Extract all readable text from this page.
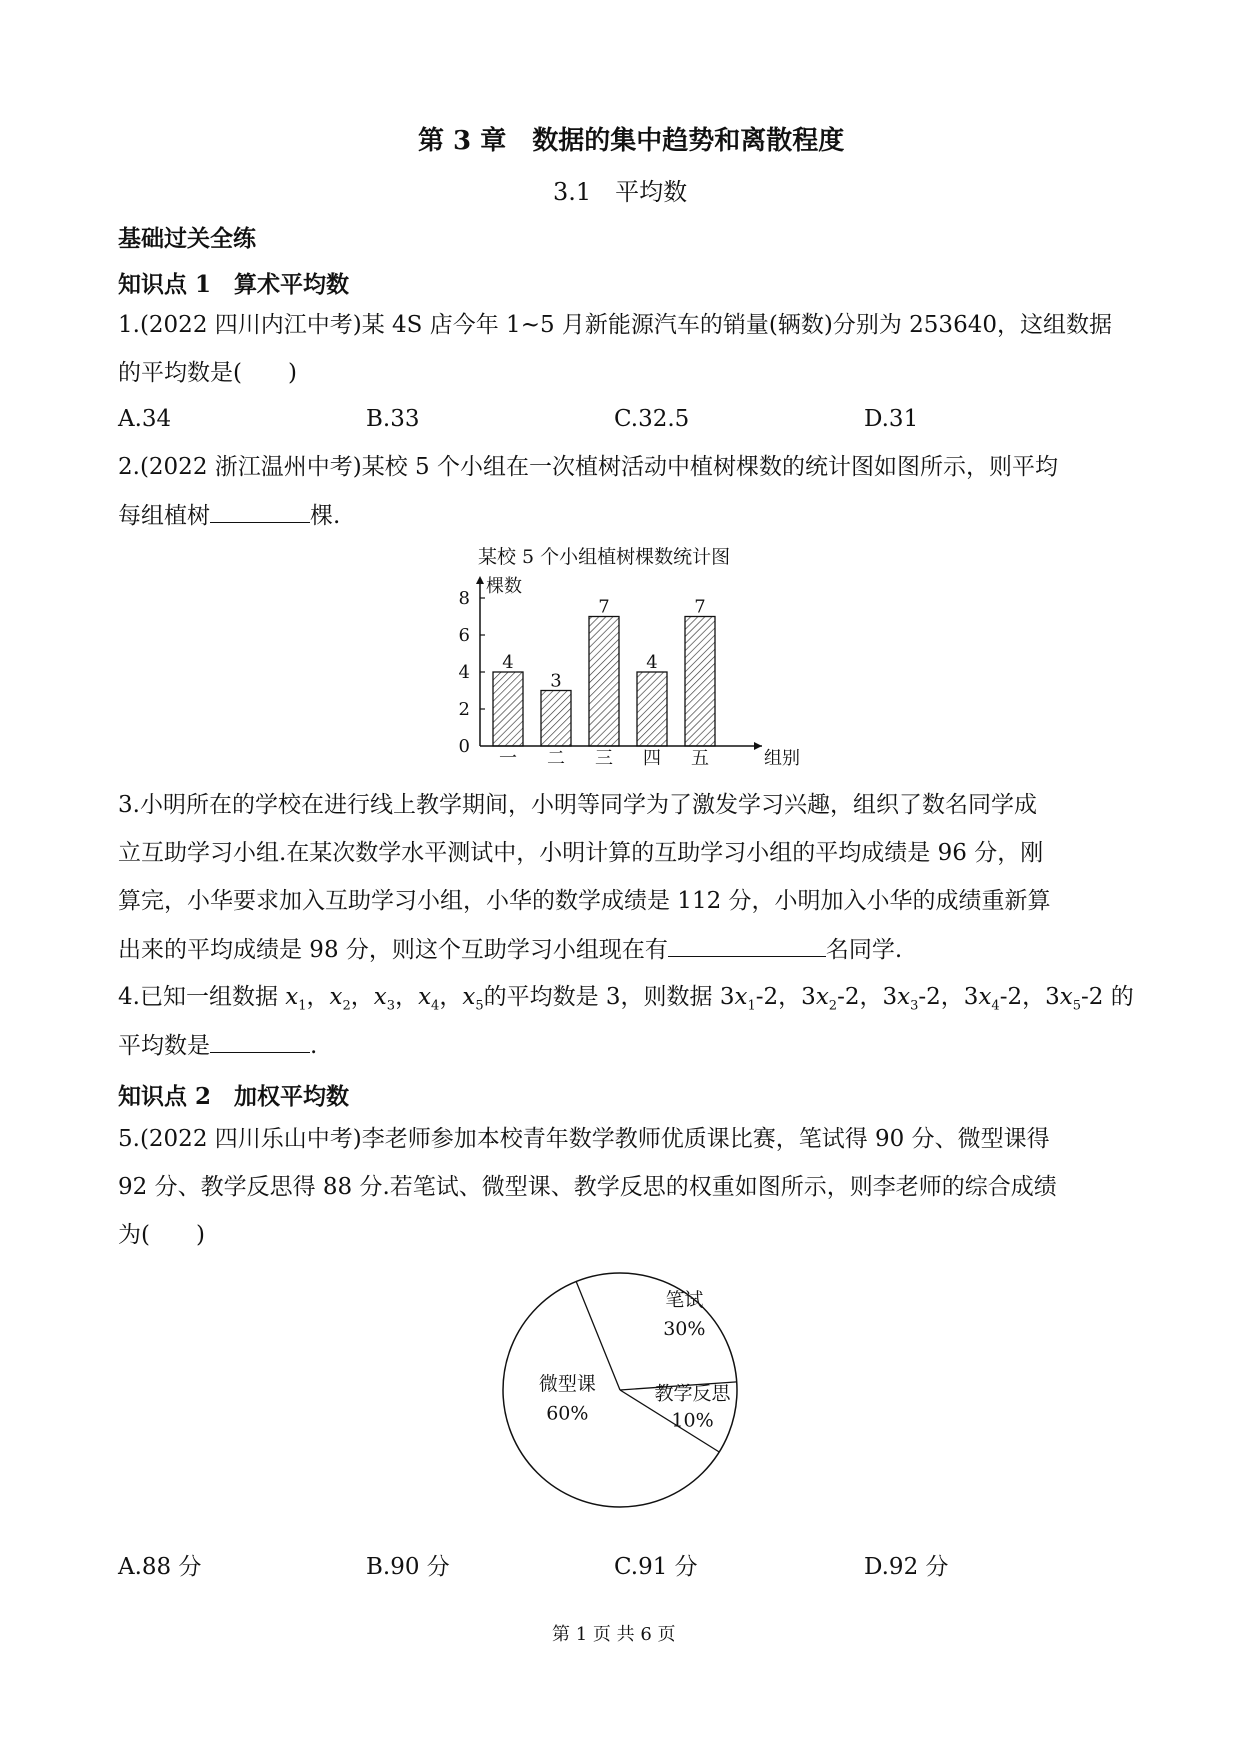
第 3 章　数据的集中趋势和离散程度
3.1　平均数
基础过关全练
知识点 1　算术平均数
1.(2022 四川内江中考)某 4S 店今年 1~5 月新能源汽车的销量(辆数)分别为 253640，这组数据
的平均数是(　　)
A.34	B.33	C.32.5	D.31
2.(2022 浙江温州中考)某校 5 个小组在一次植树活动中植树棵数的统计图如图所示，则平均
每组植树	棵.
某校 5 个小组植树棵数统计图
0
2
4
6
8
棵数
组别
4
一
3
二
7
三
4
四
7
五
3.小明所在的学校在进行线上教学期间，小明等同学为了激发学习兴趣，组织了数名同学成
立互助学习小组.在某次数学水平测试中，小明计算的互助学习小组的平均成绩是 96 分，刚
算完，小华要求加入互助学习小组，小华的数学成绩是 112 分，小明加入小华的成绩重新算
出来的平均成绩是 98 分，则这个互助学习小组现在有	名同学.
4.已知一组数据 $x_1$，$x_2$，$x_3$，$x_4$，$x_5$的平均数是 3，则数据 $3x_1-2$，$3x_2-2$，$3x_3-2$，$3x_4-2$，$3x_5-2$ 的
平均数是	.
知识点 2　加权平均数
5.(2022 四川乐山中考)李老师参加本校青年数学教师优质课比赛，笔试得 90 分、微型课得
92 分、教学反思得 88 分.若笔试、微型课、教学反思的权重如图所示，则李老师的综合成绩
为(　　)
笔试
30%
教学反思
10%
微型课
60%
A.88 分	B.90 分	C.91 分	D.92 分
第 1 页 共 6 页
